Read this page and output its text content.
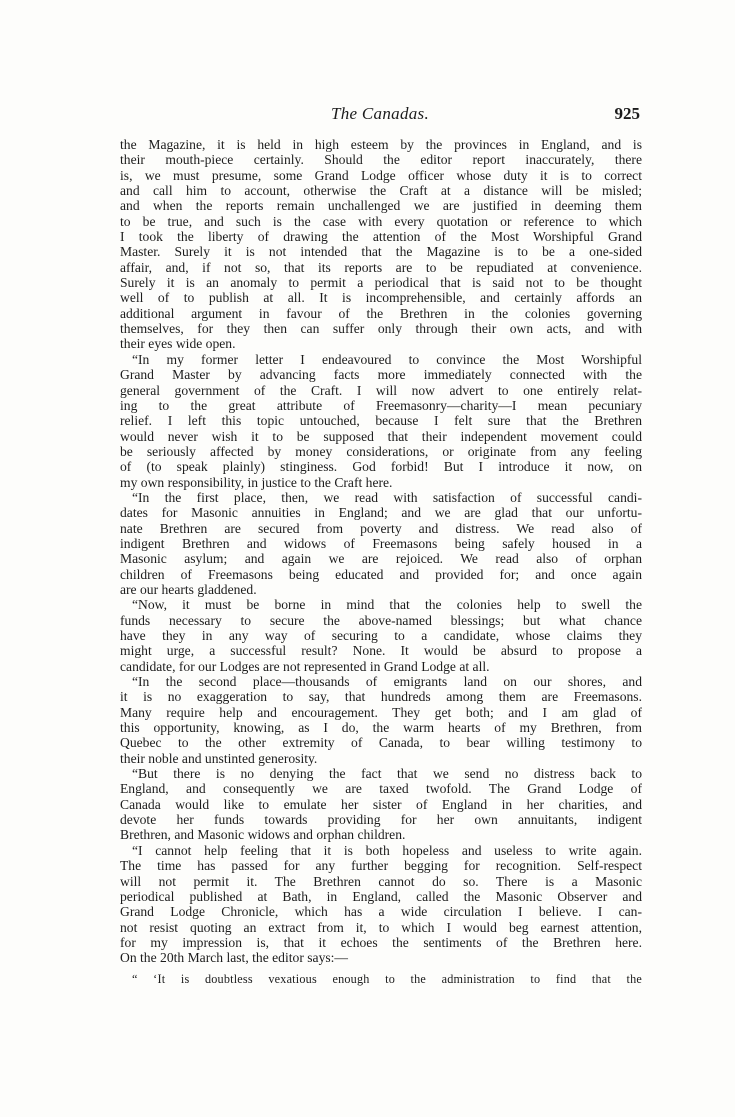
The Canadas.	925
the Magazine, it is held in high esteem by the provinces in England, and is
their mouth-piece certainly. Should the editor report inaccurately, there
is, we must presume, some Grand Lodge officer whose duty it is to correct
and call him to account, otherwise the Craft at a distance will be misled;
and when the reports remain unchallenged we are justified in deeming them
to be true, and such is the case with every quotation or reference to which
I took the liberty of drawing the attention of the Most Worshipful Grand
Master. Surely it is not intended that the Magazine is to be a one-sided
affair, and, if not so, that its reports are to be repudiated at convenience.
Surely it is an anomaly to permit a periodical that is said not to be thought
well of to publish at all. It is incomprehensible, and certainly affords an
additional argument in favour of the Brethren in the colonies governing
themselves, for they then can suffer only through their own acts, and with
their eyes wide open.
“In my former letter I endeavoured to convince the Most Worshipful
Grand Master by advancing facts more immediately connected with the
general government of the Craft. I will now advert to one entirely relat-
ing to the great attribute of Freemasonry—charity—I mean pecuniary
relief. I left this topic untouched, because I felt sure that the Brethren
would never wish it to be supposed that their independent movement could
be seriously affected by money considerations, or originate from any feeling
of (to speak plainly) stinginess. God forbid! But I introduce it now, on
my own responsibility, in justice to the Craft here.
“In the first place, then, we read with satisfaction of successful candi-
dates for Masonic annuities in England; and we are glad that our unfortu-
nate Brethren are secured from poverty and distress. We read also of
indigent Brethren and widows of Freemasons being safely housed in a
Masonic asylum; and again we are rejoiced. We read also of orphan
children of Freemasons being educated and provided for; and once again
are our hearts gladdened.
“Now, it must be borne in mind that the colonies help to swell the
funds necessary to secure the above-named blessings; but what chance
have they in any way of securing to a candidate, whose claims they
might urge, a successful result? None. It would be absurd to propose a
candidate, for our Lodges are not represented in Grand Lodge at all.
“In the second place—thousands of emigrants land on our shores, and
it is no exaggeration to say, that hundreds among them are Freemasons.
Many require help and encouragement. They get both; and I am glad of
this opportunity, knowing, as I do, the warm hearts of my Brethren, from
Quebec to the other extremity of Canada, to bear willing testimony to
their noble and unstinted generosity.
“But there is no denying the fact that we send no distress back to
England, and consequently we are taxed twofold. The Grand Lodge of
Canada would like to emulate her sister of England in her charities, and
devote her funds towards providing for her own annuitants, indigent
Brethren, and Masonic widows and orphan children.
“I cannot help feeling that it is both hopeless and useless to write again.
The time has passed for any further begging for recognition. Self-respect
will not permit it. The Brethren cannot do so. There is a Masonic
periodical published at Bath, in England, called the Masonic Observer and
Grand Lodge Chronicle, which has a wide circulation I believe. I can-
not resist quoting an extract from it, to which I would beg earnest attention,
for my impression is, that it echoes the sentiments of the Brethren here.
On the 20th March last, the editor says:—
“ ‘It is doubtless vexatious enough to the administration to find that the
